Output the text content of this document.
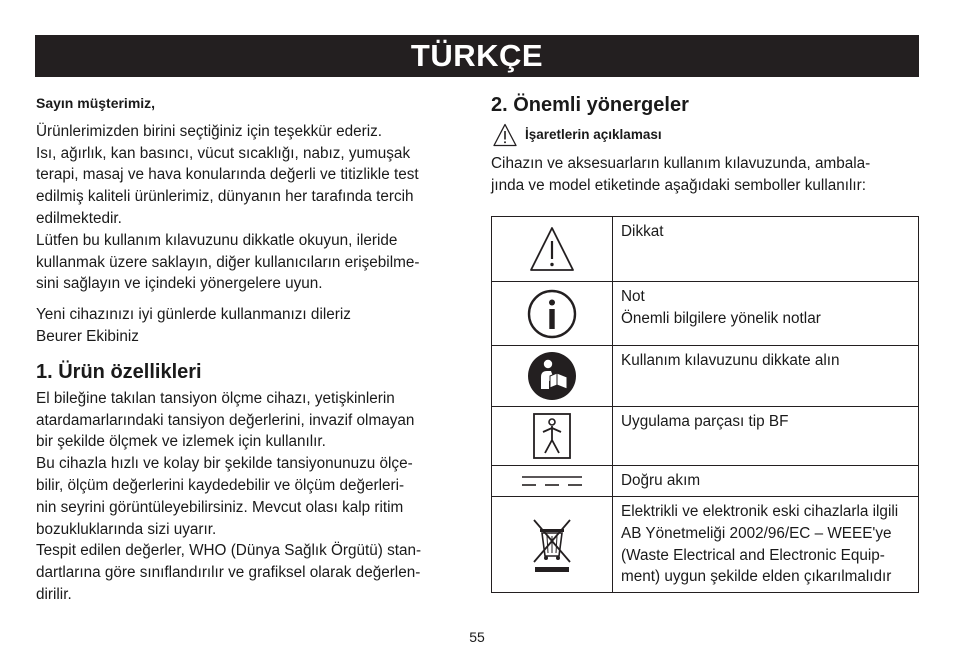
TÜRKÇE

Sayın müşterimiz,

Ürünlerimizden birini seçtiğiniz için teşekkür ederiz.
Isı, ağırlık, kan basıncı, vücut sıcaklığı, nabız, yumuşak
terapi, masaj ve hava konularında değerli ve titizlikle test
edilmiş kaliteli ürünlerimiz, dünyanın her tarafında tercih
edilmektedir.
Lütfen bu kullanım kılavuzunu dikkatle okuyun, ileride
kullanmak üzere saklayın, diğer kullanıcıların erişebilme-
sini sağlayın ve içindeki yönergelere uyun.

Yeni cihazınızı iyi günlerde kullanmanızı dileriz
Beurer Ekibiniz

1. Ürün özellikleri

El bileğine takılan tansiyon ölçme cihazı, yetişkinlerin
atardamarlarındaki tansiyon değerlerini, invazif olmayan
bir şekilde ölçmek ve izlemek için kullanılır.
Bu cihazla hızlı ve kolay bir şekilde tansiyonunuzu ölçe-
bilir, ölçüm değerlerini kaydedebilir ve ölçüm değerleri-
nin seyrini görüntüleyebilirsiniz. Mevcut olası kalp ritim
bozukluklarında sizi uyarır.
Tespit edilen değerler, WHO (Dünya Sağlık Örgütü) stan-
dartlarına göre sınıflandırılır ve grafiksel olarak değerlen-
dirilir.

2. Önemli yönergeler
İşaretlerin açıklaması

Cihazın ve aksesuarların kullanım kılavuzunda, ambala-
jında ve model etiketinde aşağıdaki semboller kullanılır:

Dikkat

Not
Önemli bilgilere yönelik notlar

Kullanım kılavuzunu dikkate alın

Uygulama parçası tip BF

Doğru akım

Elektrikli ve elektronik eski cihazlarla ilgili
AB Yönetmeliği 2002/96/EC – WEEE'ye
(Waste Electrical and Electronic Equip-
ment) uygun şekilde elden çıkarılmalıdır
55
